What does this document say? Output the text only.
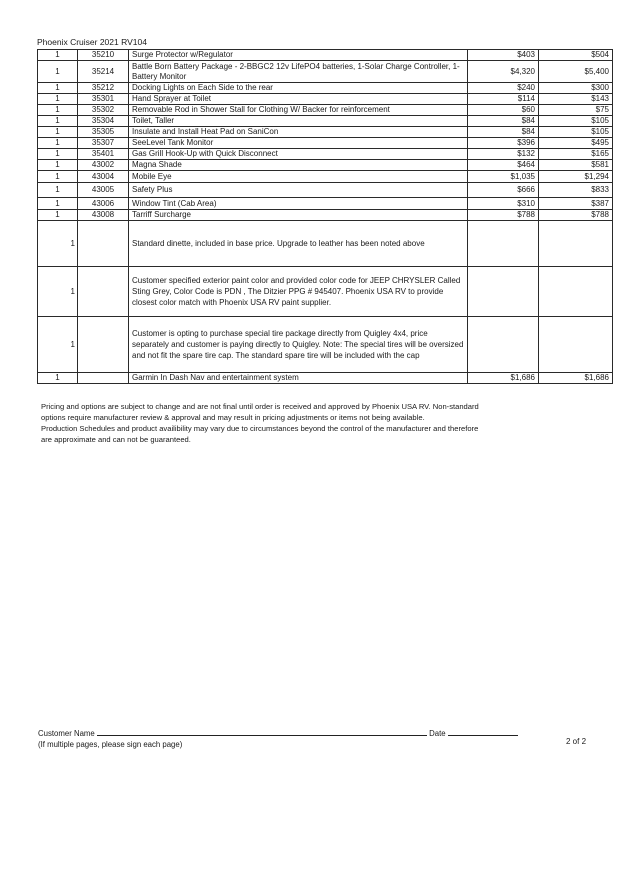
Phoenix Cruiser 2021 RV104
1	35210	Surge Protector w/Regulator	$403	$504
1	35214	Battle Born Battery Package - 2-BBGC2 12v LifePO4 batteries, 1-Solar Charge Controller, 1-Battery Monitor	$4,320	$5,400
1	35212	Docking Lights on Each Side to the rear	$240	$300
1	35301	Hand Sprayer at Toilet	$114	$143
1	35302	Removable Rod in Shower Stall for Clothing W/ Backer for reinforcement	$60	$75
1	35304	Toilet, Taller	$84	$105
1	35305	Insulate and Install Heat Pad on SaniCon	$84	$105
1	35307	SeeLevel Tank Monitor	$396	$495
1	35401	Gas Grill Hook-Up with Quick Disconnect	$132	$165
1	43002	Magna Shade	$464	$581
1	43004	Mobile Eye	$1,035	$1,294
1	43005	Safety Plus	$666	$833
1	43006	Window Tint (Cab Area)	$310	$387
1	43008	Tarriff Surcharge	$788	$788
1		Standard dinette, included in base price. Upgrade to leather has been noted above		
1		Customer specified exterior paint color and provided color code for JEEP CHRYSLER Called Sting Grey, Color Code is PDN , The Ditzier PPG # 945407. Phoenix USA RV to provide closest color match with Phoenix USA RV paint supplier.		
1		Customer is opting to purchase special tire package directly from Quigley 4x4, price separately and customer is paying directly to Quigley. Note: The special tires will be oversized and not fit the spare tire cap. The standard spare tire will be included with the cap		
1		Garmin In Dash Nav and entertainment system	$1,686	$1,686

Pricing and options are subject to change and are not final until order is received and approved by Phoenix USA RV. Non-standard options require manufacturer review & approval and may result in pricing adjustments or items not being available.

Production Schedules and product availibility may vary due to circumstances beyond the control of the manufacturer and therefore are approximate and can not be guaranteed.

Customer Name	Date
(If multiple pages, please sign each page)	2 of 2
